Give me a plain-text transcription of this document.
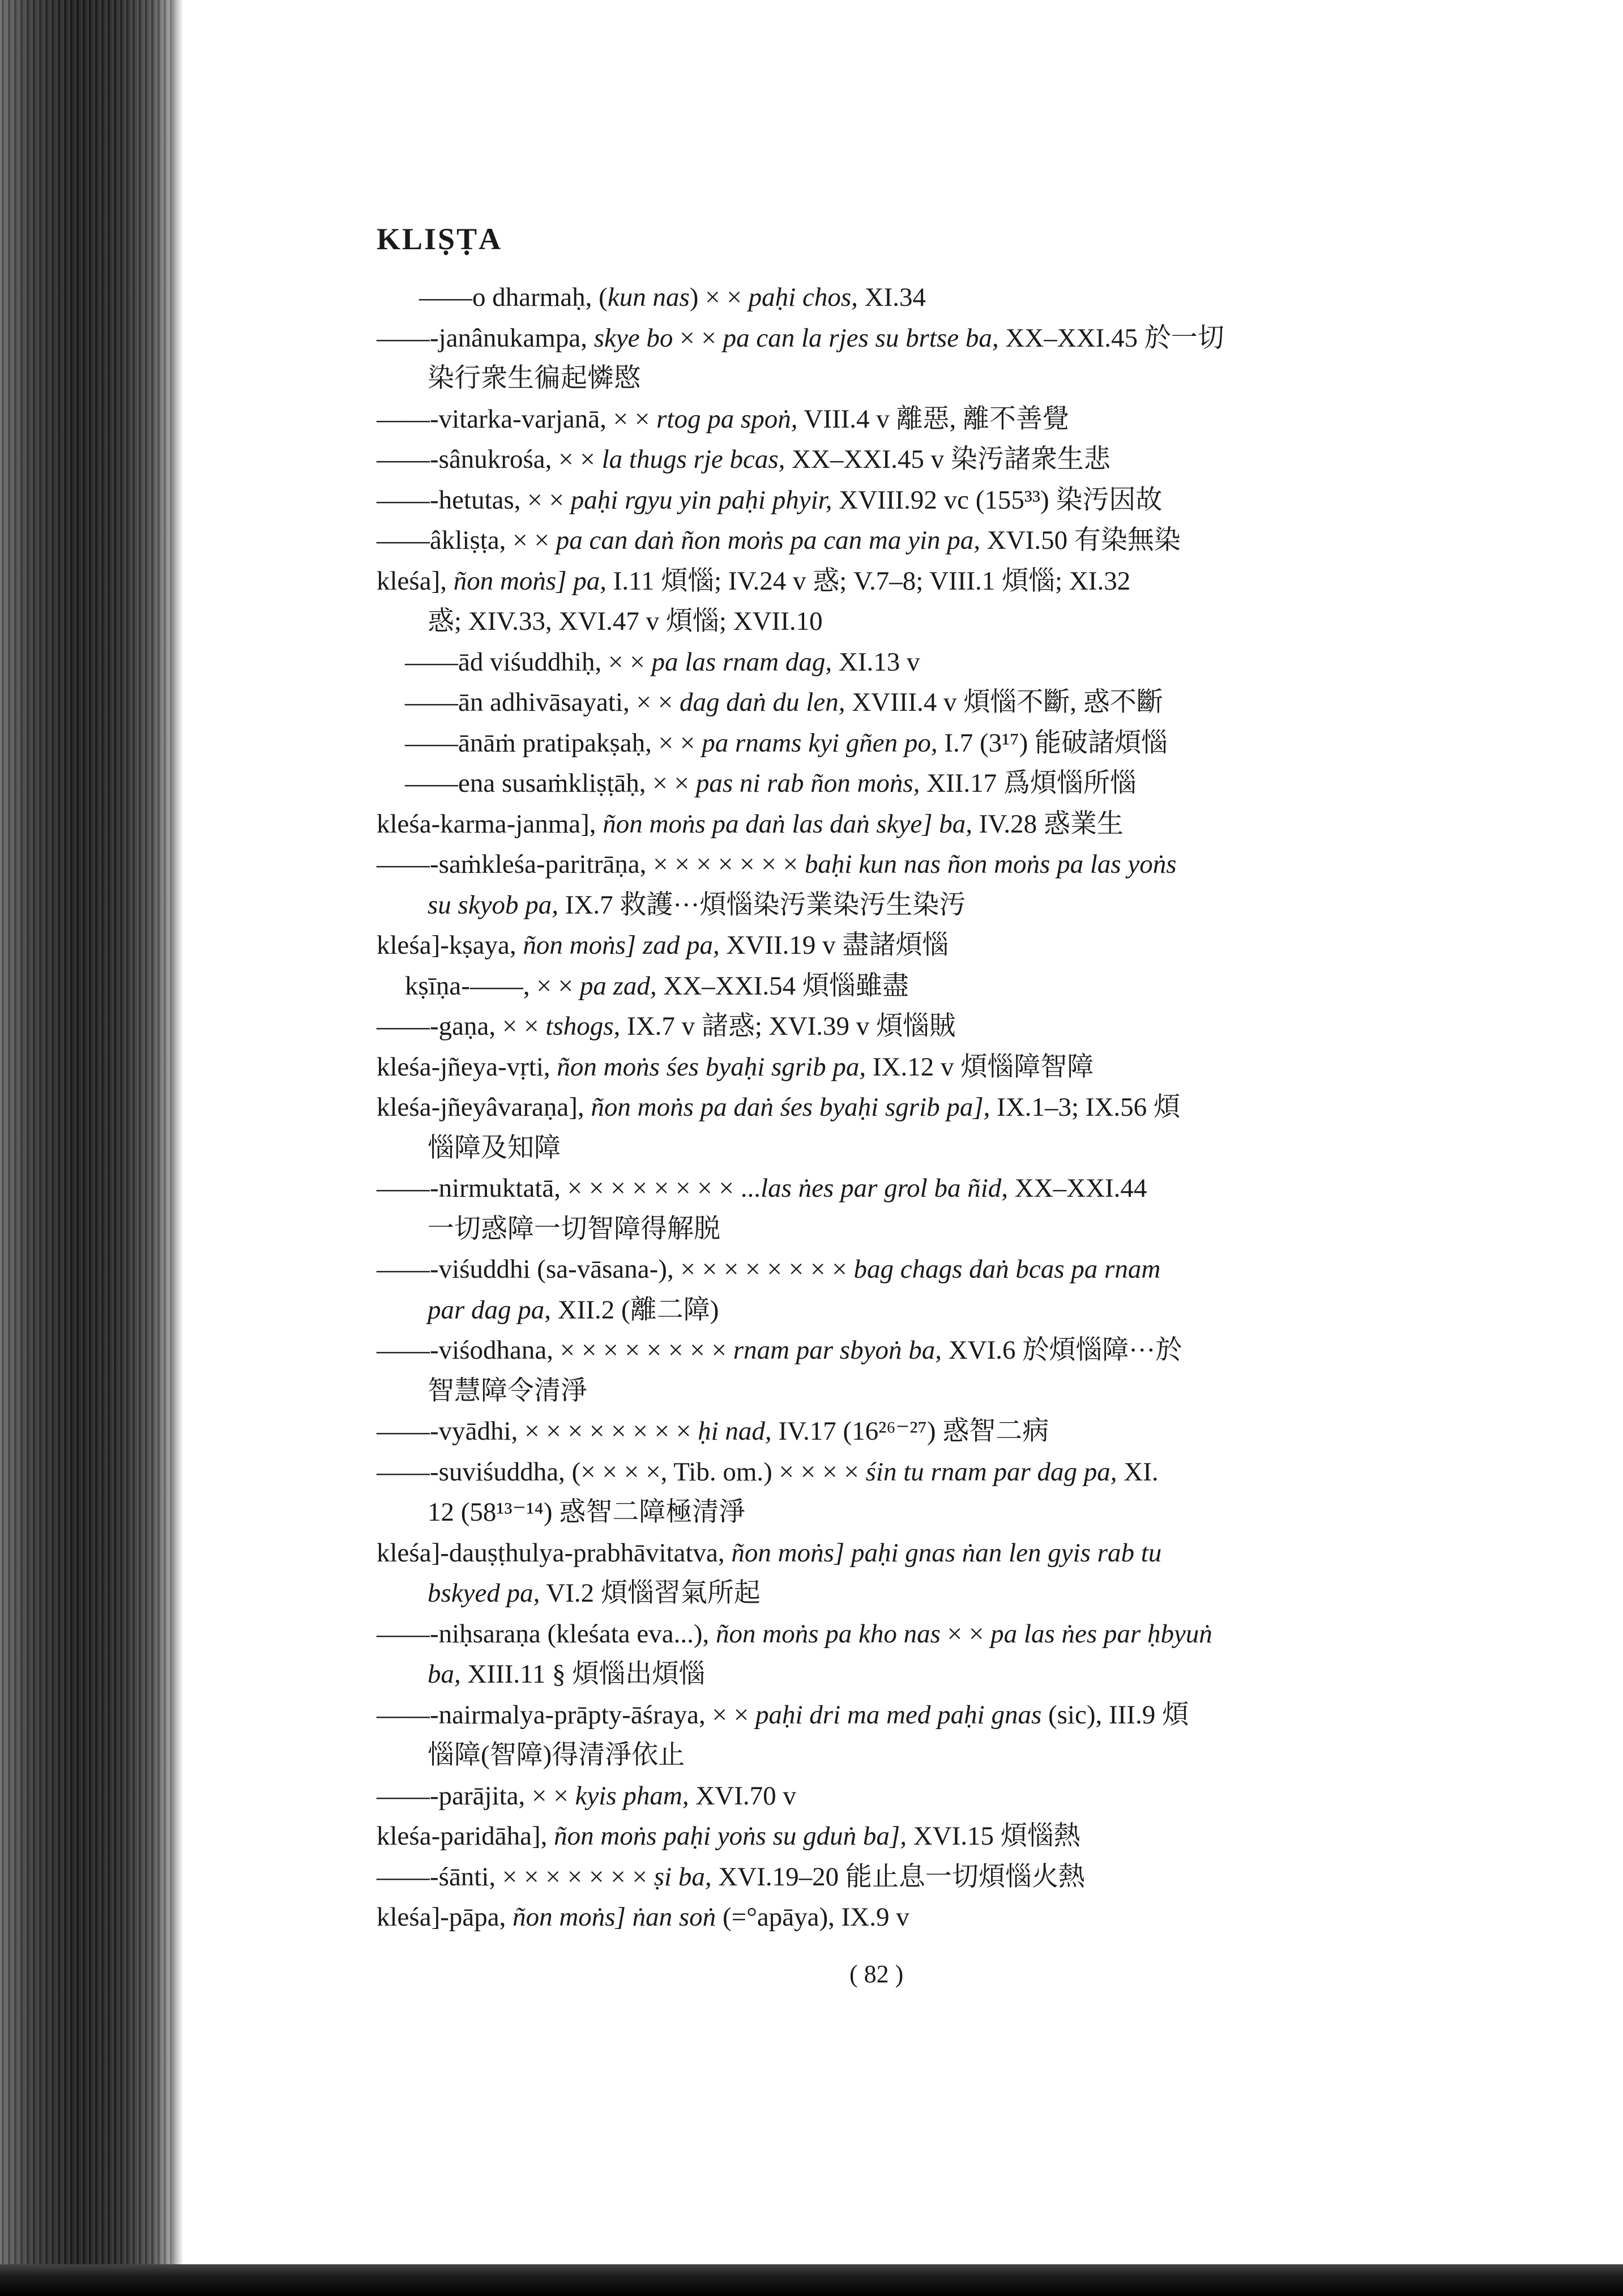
KLIṢṬA
——o dharmaḥ, (kun nas) × × paḥi chos, XI.34
——-janânukampa, skye bo × × pa can la rjes su brtse ba, XX–XXI.45 於一切
染行衆生徧起憐愍
——-vitarka-varjanā, × × rtog pa spoṅ, VIII.4 v 離惡, 離不善覺
——-sânukrośa, × × la thugs rje bcas, XX–XXI.45 v 染汚諸衆生悲
——-hetutas, × × paḥi rgyu yin paḥi phyir, XVIII.92 vc (155³³) 染汚因故
——âkliṣṭa, × × pa can daṅ ñon moṅs pa can ma yin pa, XVI.50 有染無染
kleśa], ñon moṅs] pa, I.11 煩惱; IV.24 v 惑; V.7–8; VIII.1 煩惱; XI.32
惑; XIV.33, XVI.47 v 煩惱; XVII.10
——ād viśuddhiḥ, × × pa las rnam dag, XI.13 v
——ān adhivāsayati, × × dag daṅ du len, XVIII.4 v 煩惱不斷, 惑不斷
——ānāṁ pratipakṣaḥ, × × pa rnams kyi gñen po, I.7 (3¹⁷) 能破諸煩惱
——ena susaṁkliṣṭāḥ, × × pas ni rab ñon moṅs, XII.17 爲煩惱所惱
kleśa-karma-janma], ñon moṅs pa daṅ las daṅ skye] ba, IV.28 惑業生
——-saṁkleśa-paritrāṇa, × × × × × × × baḥi kun nas ñon moṅs pa las yoṅs
su skyob pa, IX.7 救護···煩惱染汚業染汚生染汚
kleśa]-kṣaya, ñon moṅs] zad pa, XVII.19 v 盡諸煩惱
kṣīṇa-——, × × pa zad, XX–XXI.54 煩惱雖盡
——-gaṇa, × × tshogs, IX.7 v 諸惑; XVI.39 v 煩惱賊
kleśa-jñeya-vṛti, ñon moṅs śes byaḥi sgrib pa, IX.12 v 煩惱障智障
kleśa-jñeyâvaraṇa], ñon moṅs pa daṅ śes byaḥi sgrib pa], IX.1–3; IX.56 煩
惱障及知障
——-nirmuktatā, × × × × × × × × ...las ṅes par grol ba ñid, XX–XXI.44
一切惑障一切智障得解脱
——-viśuddhi (sa-vāsana-), × × × × × × × × bag chags daṅ bcas pa rnam
par dag pa, XII.2 (離二障)
——-viśodhana, × × × × × × × × rnam par sbyoṅ ba, XVI.6 於煩惱障···於
智慧障令清淨
——-vyādhi, × × × × × × × × ḥi nad, IV.17 (16²⁶⁻²⁷) 惑智二病
——-suviśuddha, (× × × ×, Tib. om.) × × × × śin tu rnam par dag pa, XI.
12 (58¹³⁻¹⁴) 惑智二障極清淨
kleśa]-dauṣṭhulya-prabhāvitatva, ñon moṅs] paḥi gnas ṅan len gyis rab tu
bskyed pa, VI.2 煩惱習氣所起
——-niḥsaraṇa (kleśata eva...), ñon moṅs pa kho nas × × pa las ṅes par ḥbyuṅ
ba, XIII.11 § 煩惱出煩惱
——-nairmalya-prāpty-āśraya, × × paḥi dri ma med paḥi gnas (sic), III.9 煩
惱障(智障)得清淨依止
——-parājita, × × kyis pham, XVI.70 v
kleśa-paridāha], ñon moṅs paḥi yoṅs su gduṅ ba], XVI.15 煩惱熱
——-śānti, × × × × × × × ṣi ba, XVI.19–20 能止息一切煩惱火熱
kleśa]-pāpa, ñon moṅs] ṅan soṅ (=°apāya), IX.9 v
( 82 )
